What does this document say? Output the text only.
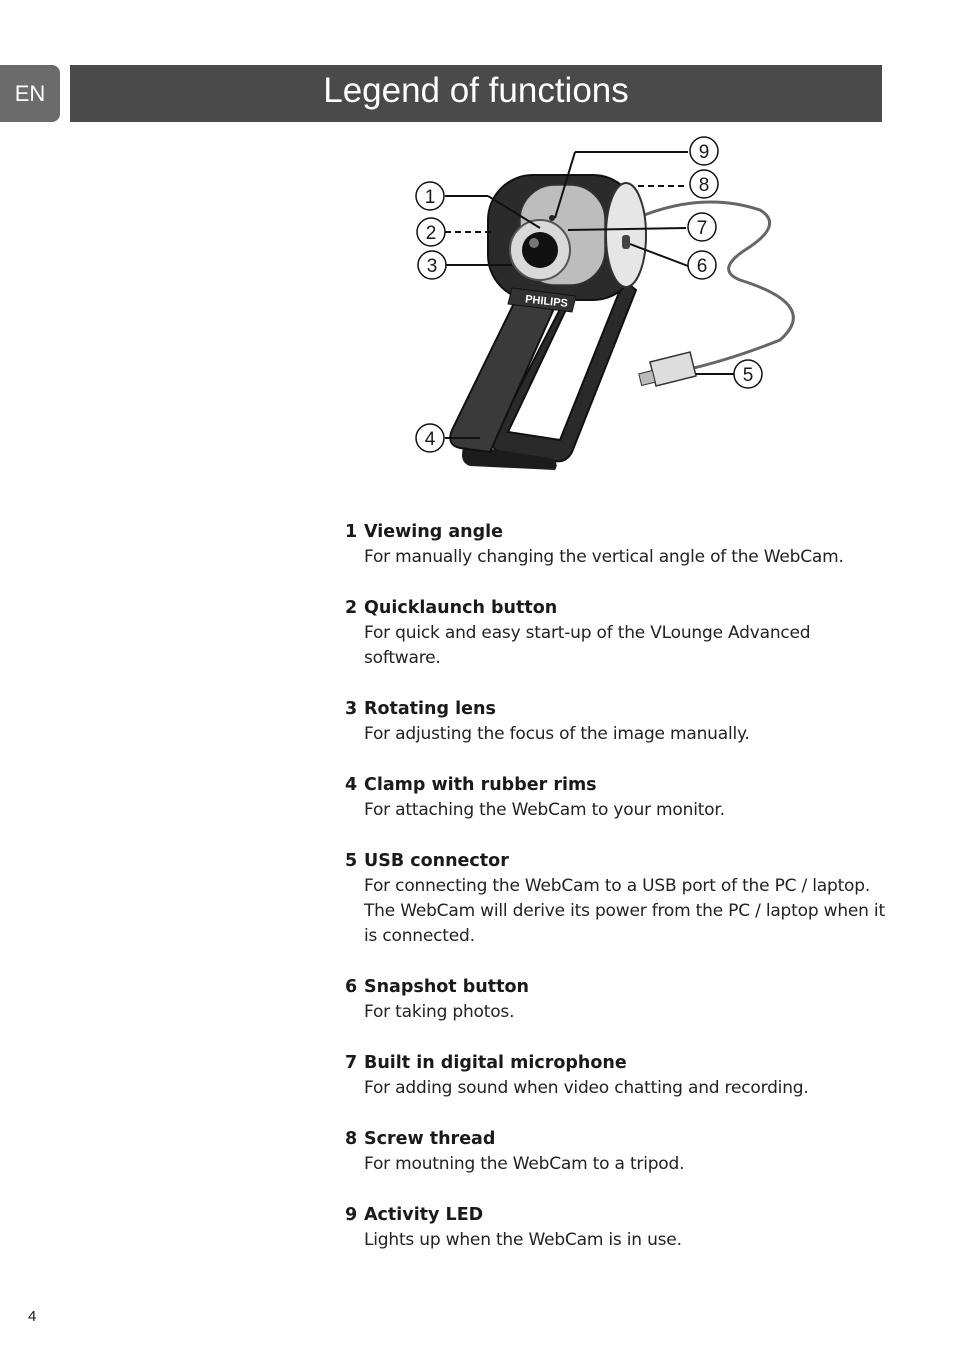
EN	Legend of functions
PHILIPS
9
8
7
6
5
1
2
3
4
1 Viewing angle
For manually changing the vertical angle of the WebCam.
2 Quicklaunch button
For quick and easy start-up of the VLounge Advanced software.
3 Rotating lens
For adjusting the focus of the image manually.
4 Clamp with rubber rims
For attaching the WebCam to your monitor.
5 USB connector
For connecting the WebCam to a USB port of the PC / laptop. The WebCam will derive its power from the PC / laptop when it is connected.
6 Snapshot button
For taking photos.
7 Built in digital microphone
For adding sound when video chatting and recording.
8 Screw thread
For moutning the WebCam to a tripod.
9 Activity LED
Lights up when the WebCam is in use.
4
